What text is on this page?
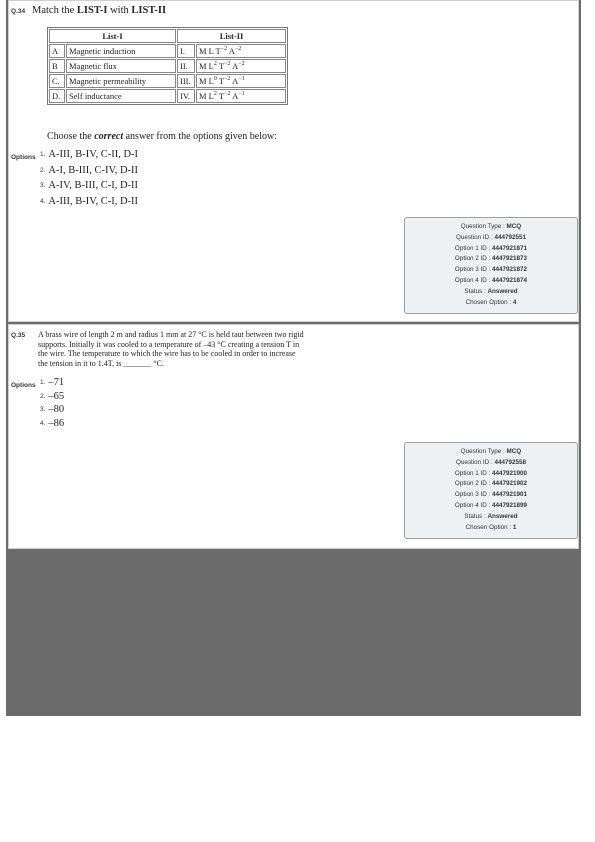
Q.34 Match the LIST-I with LIST-II
List-I		List-II	
A	Magnetic induction	I.	M L $T^{-2}$ $A^{-2}$
B	Magnetic flux	II.	M $L^2$ $T^{-2}$ $A^{-2}$
C.	Magnetic permeability	III.	M $L^0$ $T^{-2}$ $A^{-1}$
D.	Self inductance	IV.	M $L^2$ $T^{-2}$ $A^{-1}$
Choose the correct answer from the options given below:
Options 1. A-III, B-IV, C-II, D-I
2. A-I, B-III, C-IV, D-II
3. A-IV, B-III, C-I, D-II
4. A-III, B-IV, C-I, D-II
Question Type : MCQ
Question ID : 444792551
Option 1 ID : 4447921871
Option 2 ID : 4447921873
Option 3 ID : 4447921872
Option 4 ID : 4447921874
Status : Answered
Chosen Option : 4
Q.35 A brass wire of length 2 m and radius 1 mm at 27 °C is held taut between two rigid
supports. Initially it was cooled to a temperature of –43 °C creating a tension T in
the wire. The temperature to which the wire has to be cooled in order to increase
the tension in it to 1.4T, is _______ °C.
Options 1. –71
2. –65
3. –80
4. –86
Question Type : MCQ
Question ID : 444792558
Option 1 ID : 4447921900
Option 2 ID : 4447921902
Option 3 ID : 4447921901
Option 4 ID : 4447921899
Status : Answered
Chosen Option : 1
